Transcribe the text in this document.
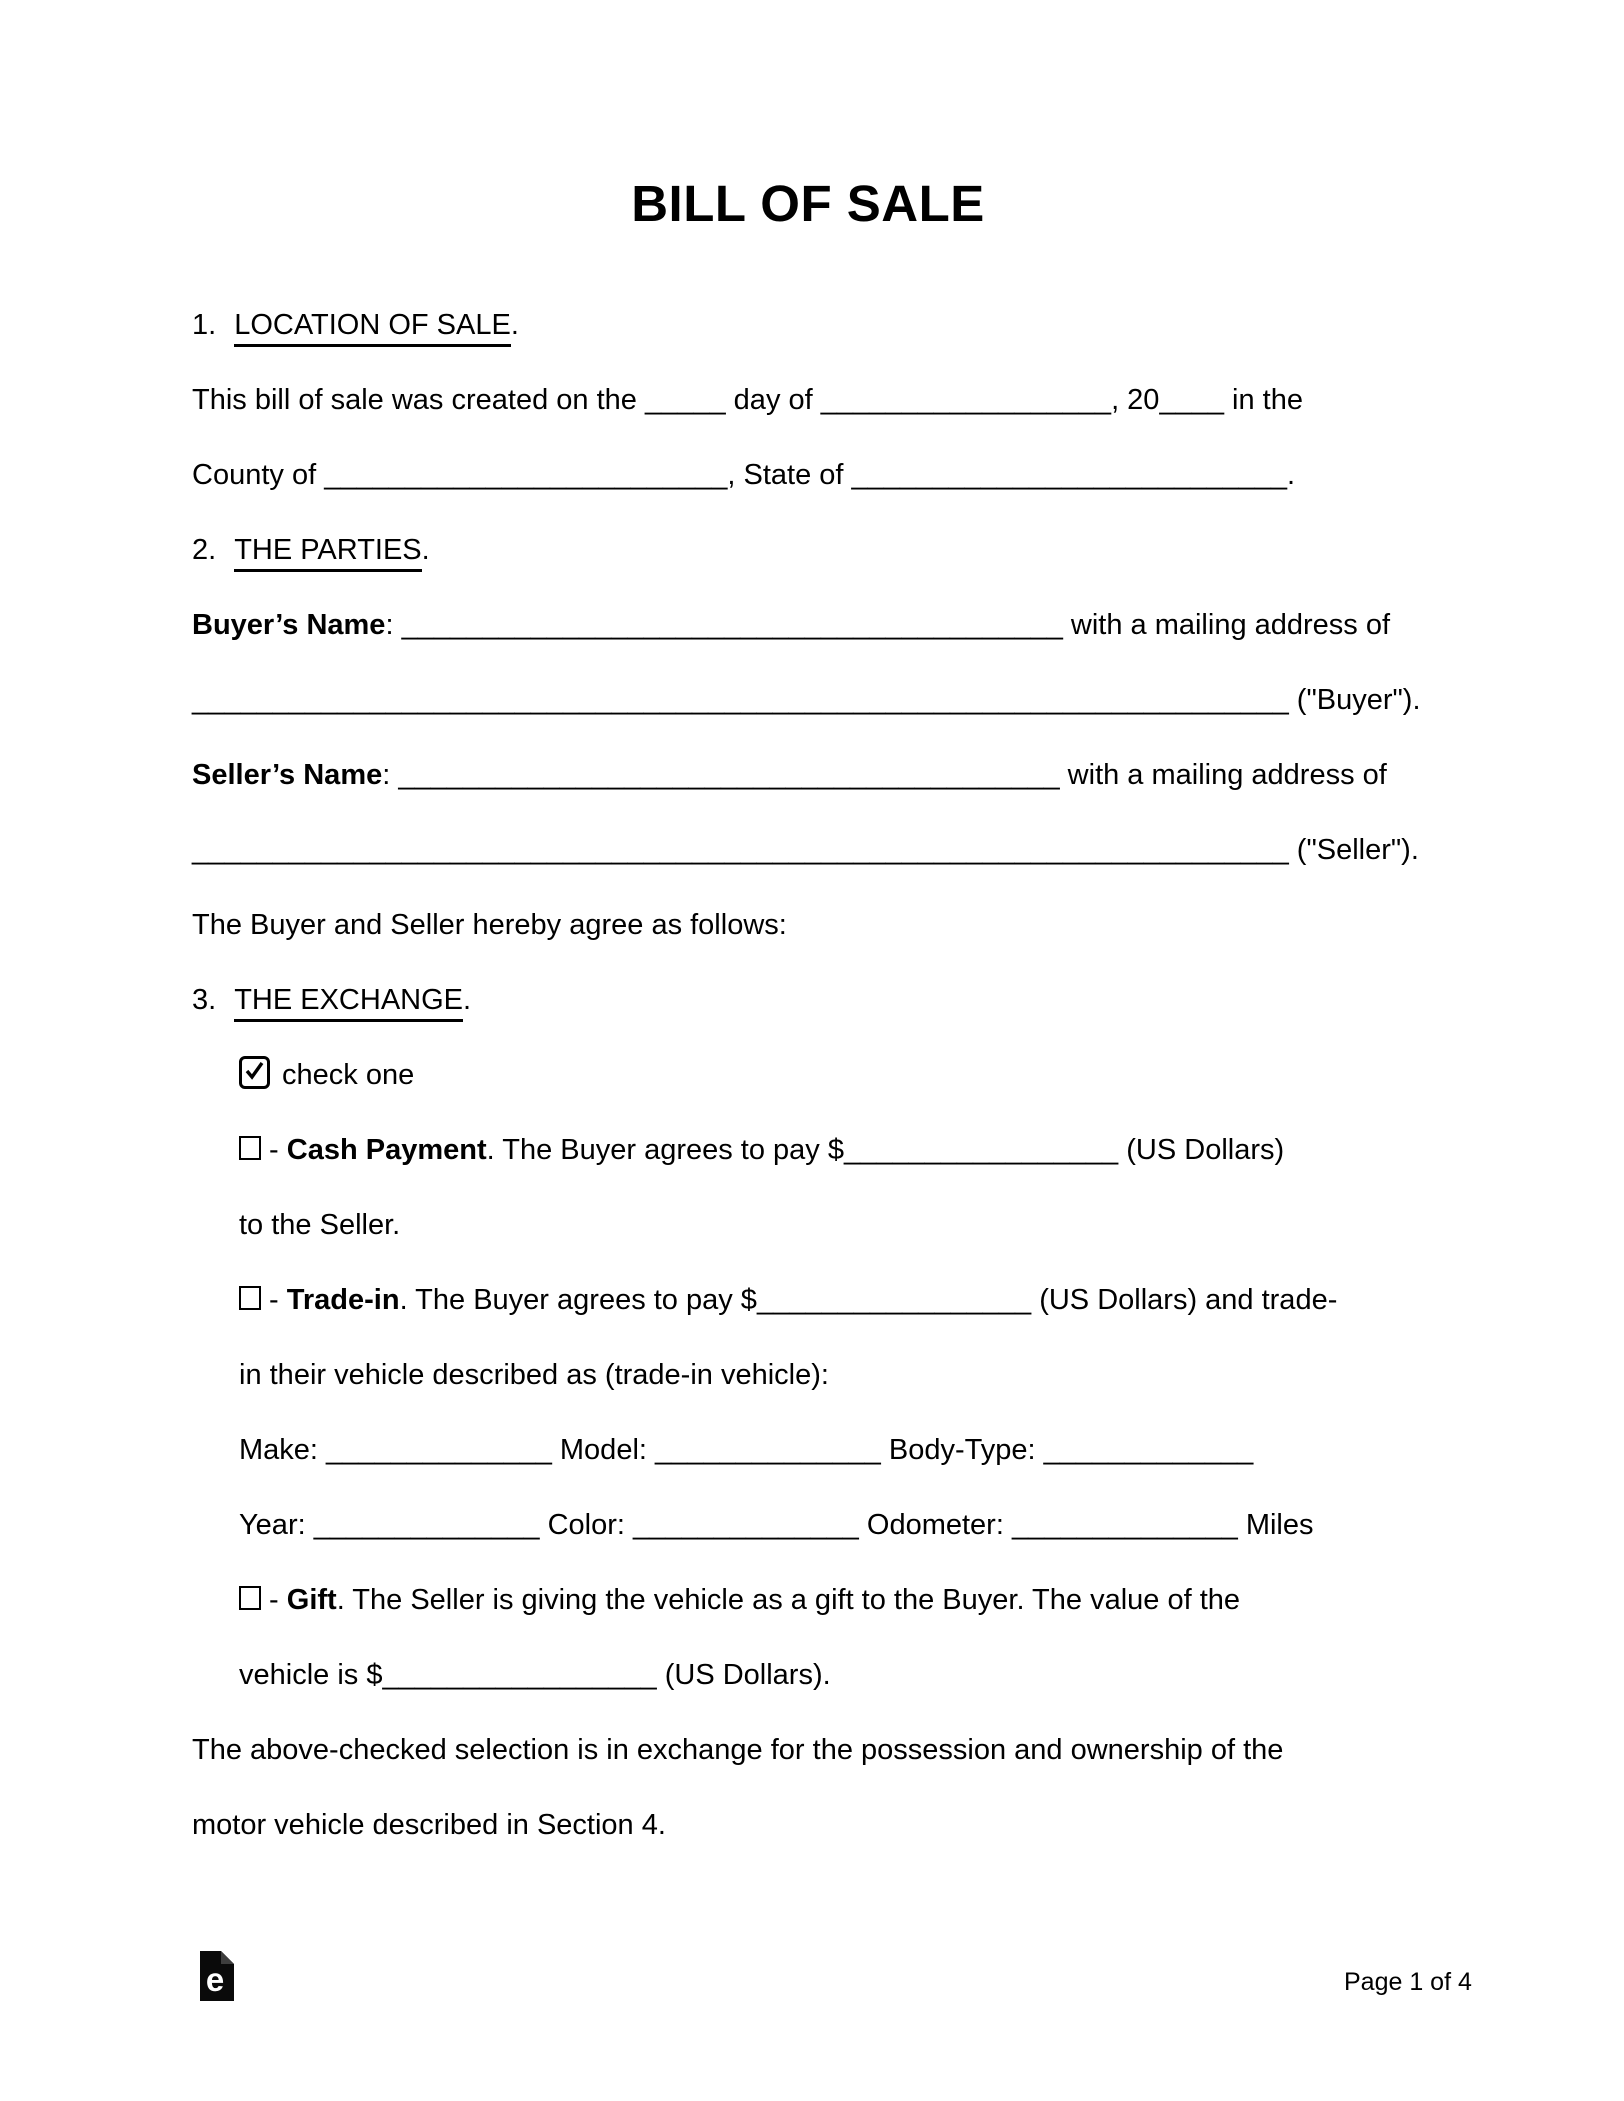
BILL OF SALE
1. LOCATION OF SALE.
This bill of sale was created on the _____ day of __________________, 20____ in the
County of _________________________, State of ___________________________.
2. THE PARTIES.
Buyer’s Name: _________________________________________ with a mailing address of
____________________________________________________________________ ("Buyer").
Seller’s Name: _________________________________________ with a mailing address of
____________________________________________________________________ ("Seller").
The Buyer and Seller hereby agree as follows:
3. THE EXCHANGE.
check one
- Cash Payment. The Buyer agrees to pay $_________________ (US Dollars)
to the Seller.
- Trade-in. The Buyer agrees to pay $_________________ (US Dollars) and trade-
in their vehicle described as (trade-in vehicle):
Make: ______________ Model: ______________ Body-Type: _____________
Year: ______________ Color: ______________ Odometer: ______________ Miles
- Gift. The Seller is giving the vehicle as a gift to the Buyer. The value of the
vehicle is $_________________ (US Dollars).
The above-checked selection is in exchange for the possession and ownership of the
motor vehicle described in Section 4.
e	Page 1 of 4
